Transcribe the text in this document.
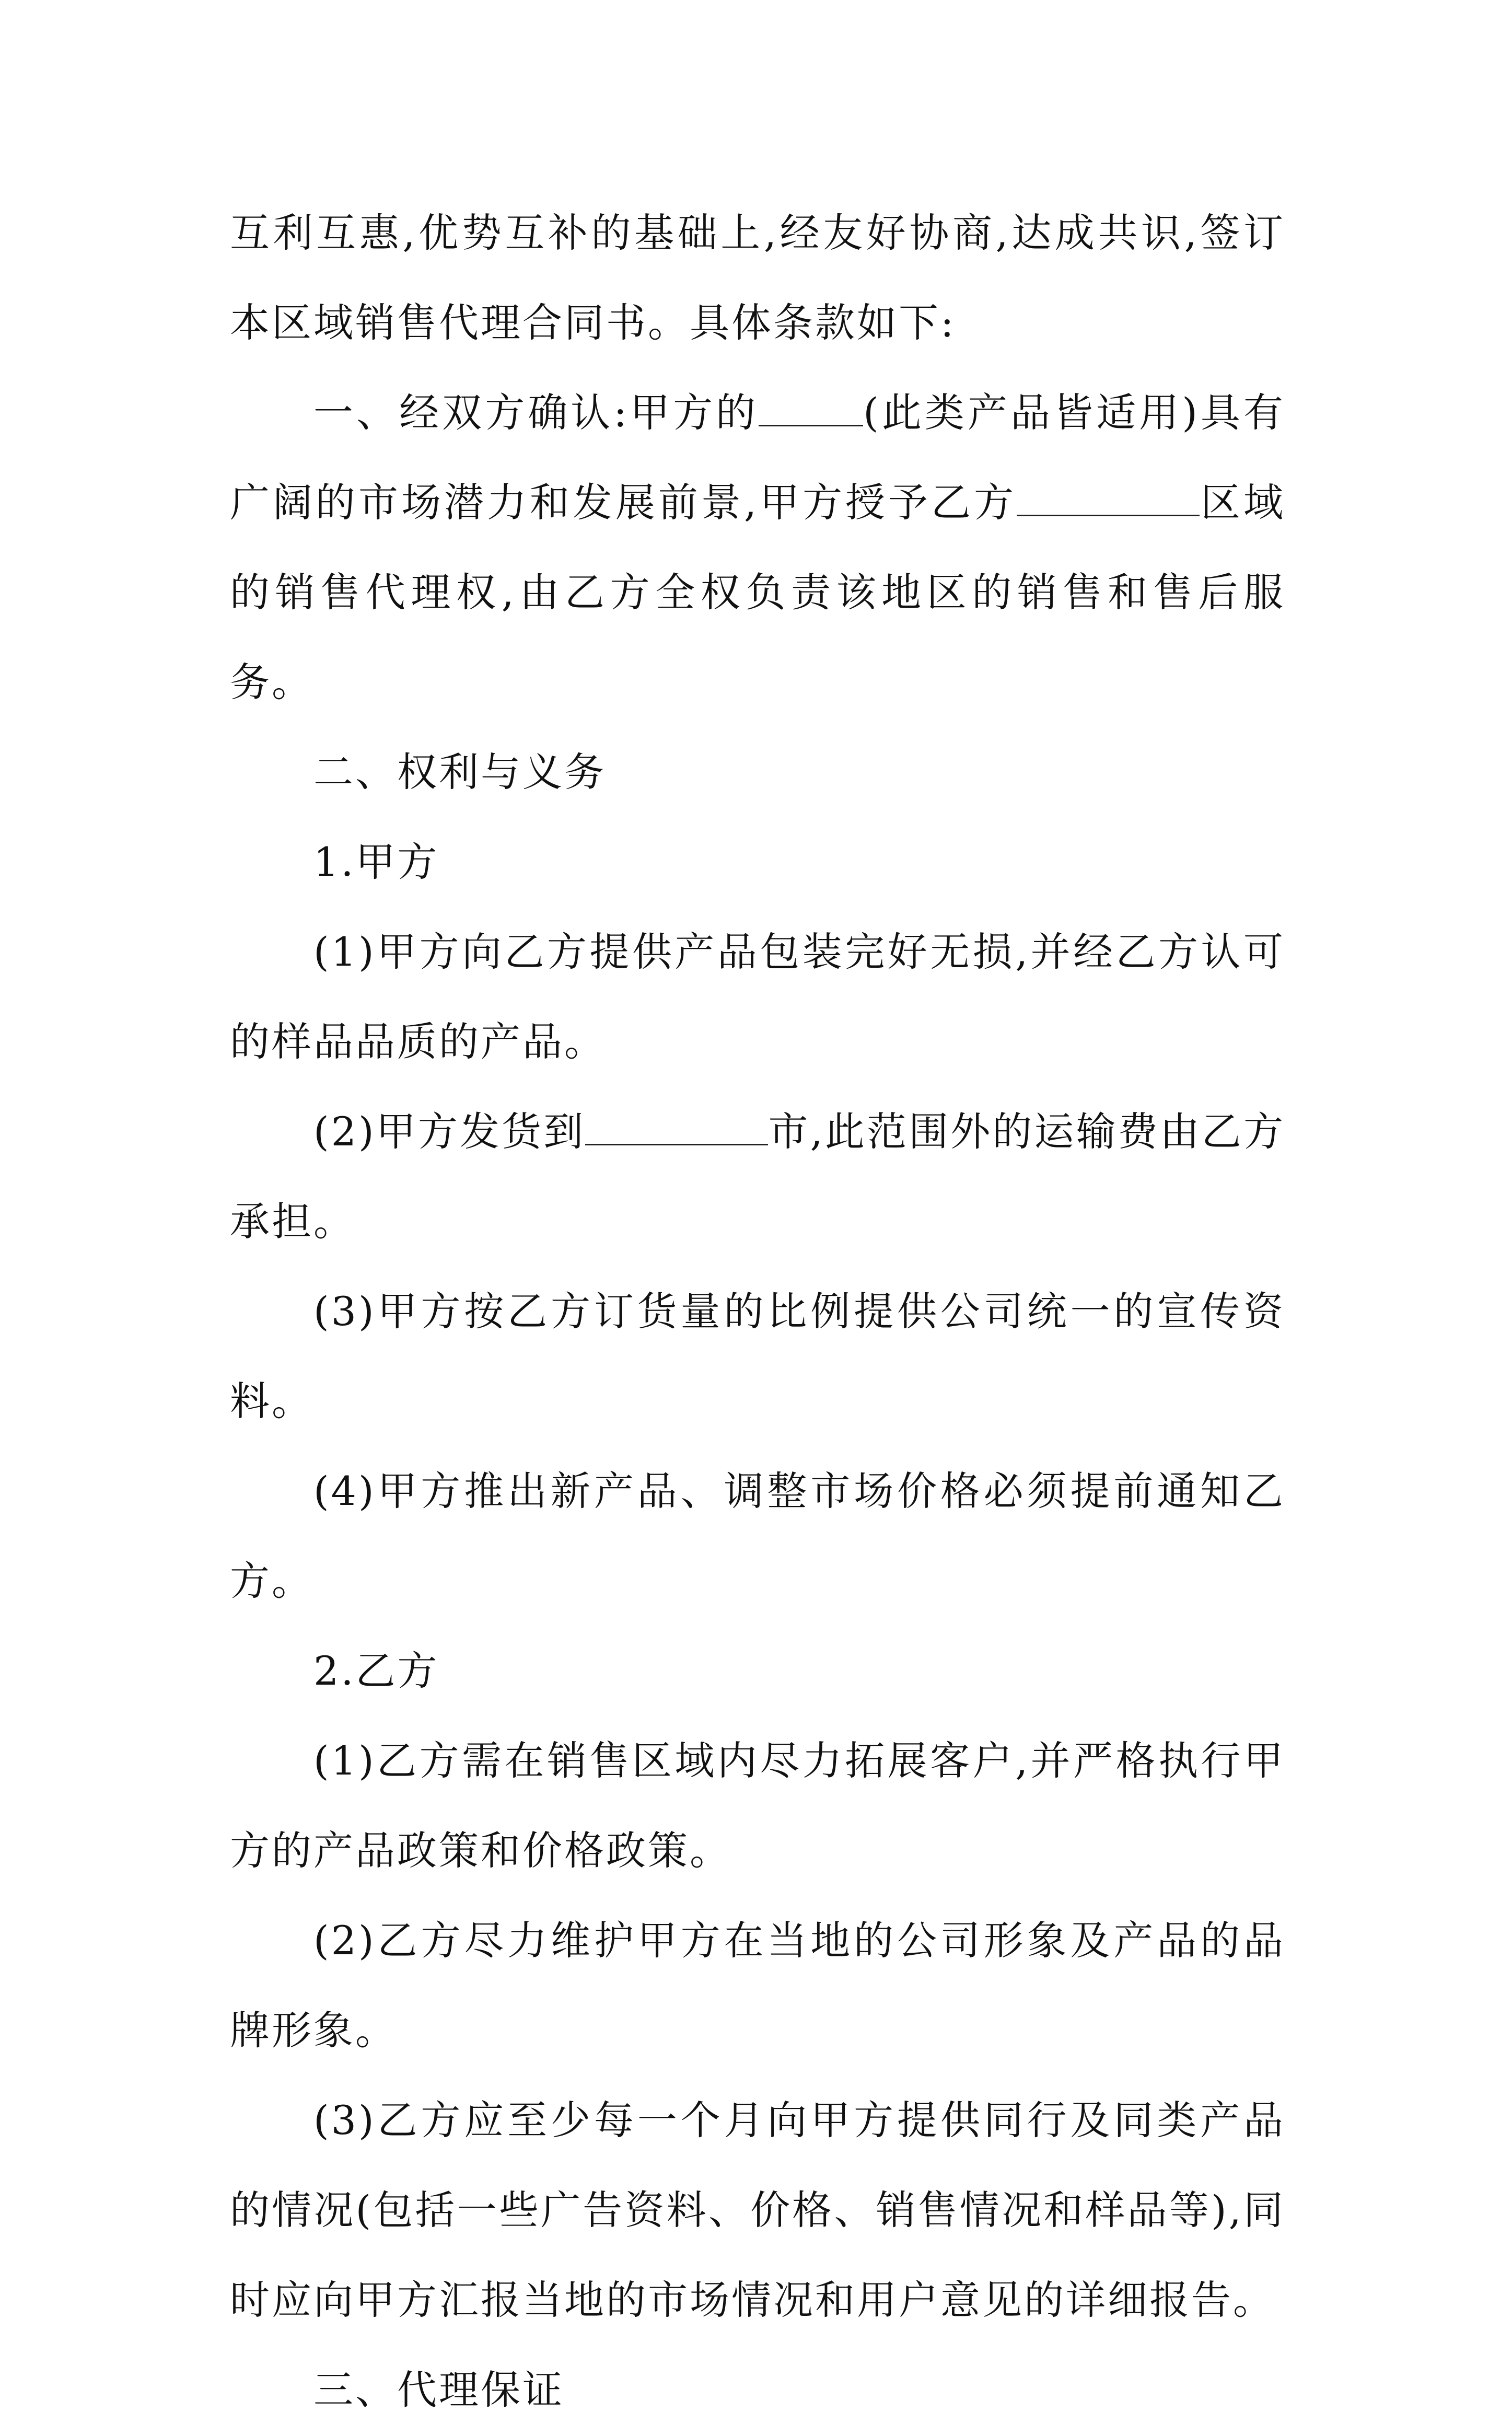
互利互惠,优势互补的基础上,经友好协商,达成共识,签订本区域销售代理合同书。具体条款如下:

一、经双方确认:甲方的	(此类产品皆适用)具有广阔的市场潜力和发展前景,甲方授予乙方	区域的销售代理权,由乙方全权负责该地区的销售和售后服务。

二、权利与义务

1.甲方

(1)甲方向乙方提供产品包装完好无损,并经乙方认可的样品品质的产品。

(2)甲方发货到	市,此范围外的运输费由乙方承担。

(3)甲方按乙方订货量的比例提供公司统一的宣传资料。

(4)甲方推出新产品、调整市场价格必须提前通知乙方。

2.乙方

(1)乙方需在销售区域内尽力拓展客户,并严格执行甲方的产品政策和价格政策。

(2)乙方尽力维护甲方在当地的公司形象及产品的品牌形象。

(3)乙方应至少每一个月向甲方提供同行及同类产品的情况(包括一些广告资料、价格、销售情况和样品等),同时应向甲方汇报当地的市场情况和用户意见的详细报告。

三、代理保证
